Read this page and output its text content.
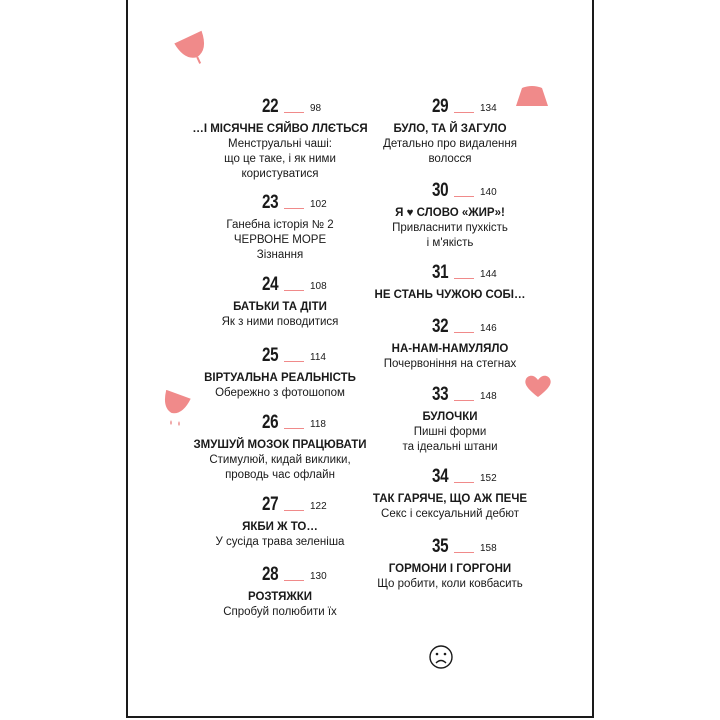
22	98
…І МІСЯЧНЕ СЯЙВО ЛЛЄТЬСЯ
Менструальні чаші:
що це таке, і як ними
користуватися
23	102
Ганебна історія № 2
ЧЕРВОНЕ МОРЕ
Зізнання
24	108
БАТЬКИ ТА ДІТИ
Як з ними поводитися
25	114
ВІРТУАЛЬНА РЕАЛЬНІСТЬ
Обережно з фотошопом
26	118
ЗМУШУЙ МОЗОК ПРАЦЮВАТИ
Стимулюй, кидай виклики,
проводь час офлайн
27	122
ЯКБИ Ж ТО…
У сусіда трава зеленіша
28	130
РОЗТЯЖКИ
Спробуй полюбити їх
29	134
БУЛО, ТА Й ЗАГУЛО
Детально про видалення
волосся
30	140
Я ♥ СЛОВО «ЖИР»!
Привласнити пухкість
і м'якість
31	144
НЕ СТАНЬ ЧУЖОЮ СОБІ…
32	146
НА-НАМ-НАМУЛЯЛО
Почервоніння на стегнах
33	148
БУЛОЧКИ
Пишні форми
та ідеальні штани
34	152
ТАК ГАРЯЧЕ, ЩО АЖ ПЕЧЕ
Секс і сексуальний дебют
35	158
ГОРМОНИ І ГОРГОНИ
Що робити, коли ковбасить
